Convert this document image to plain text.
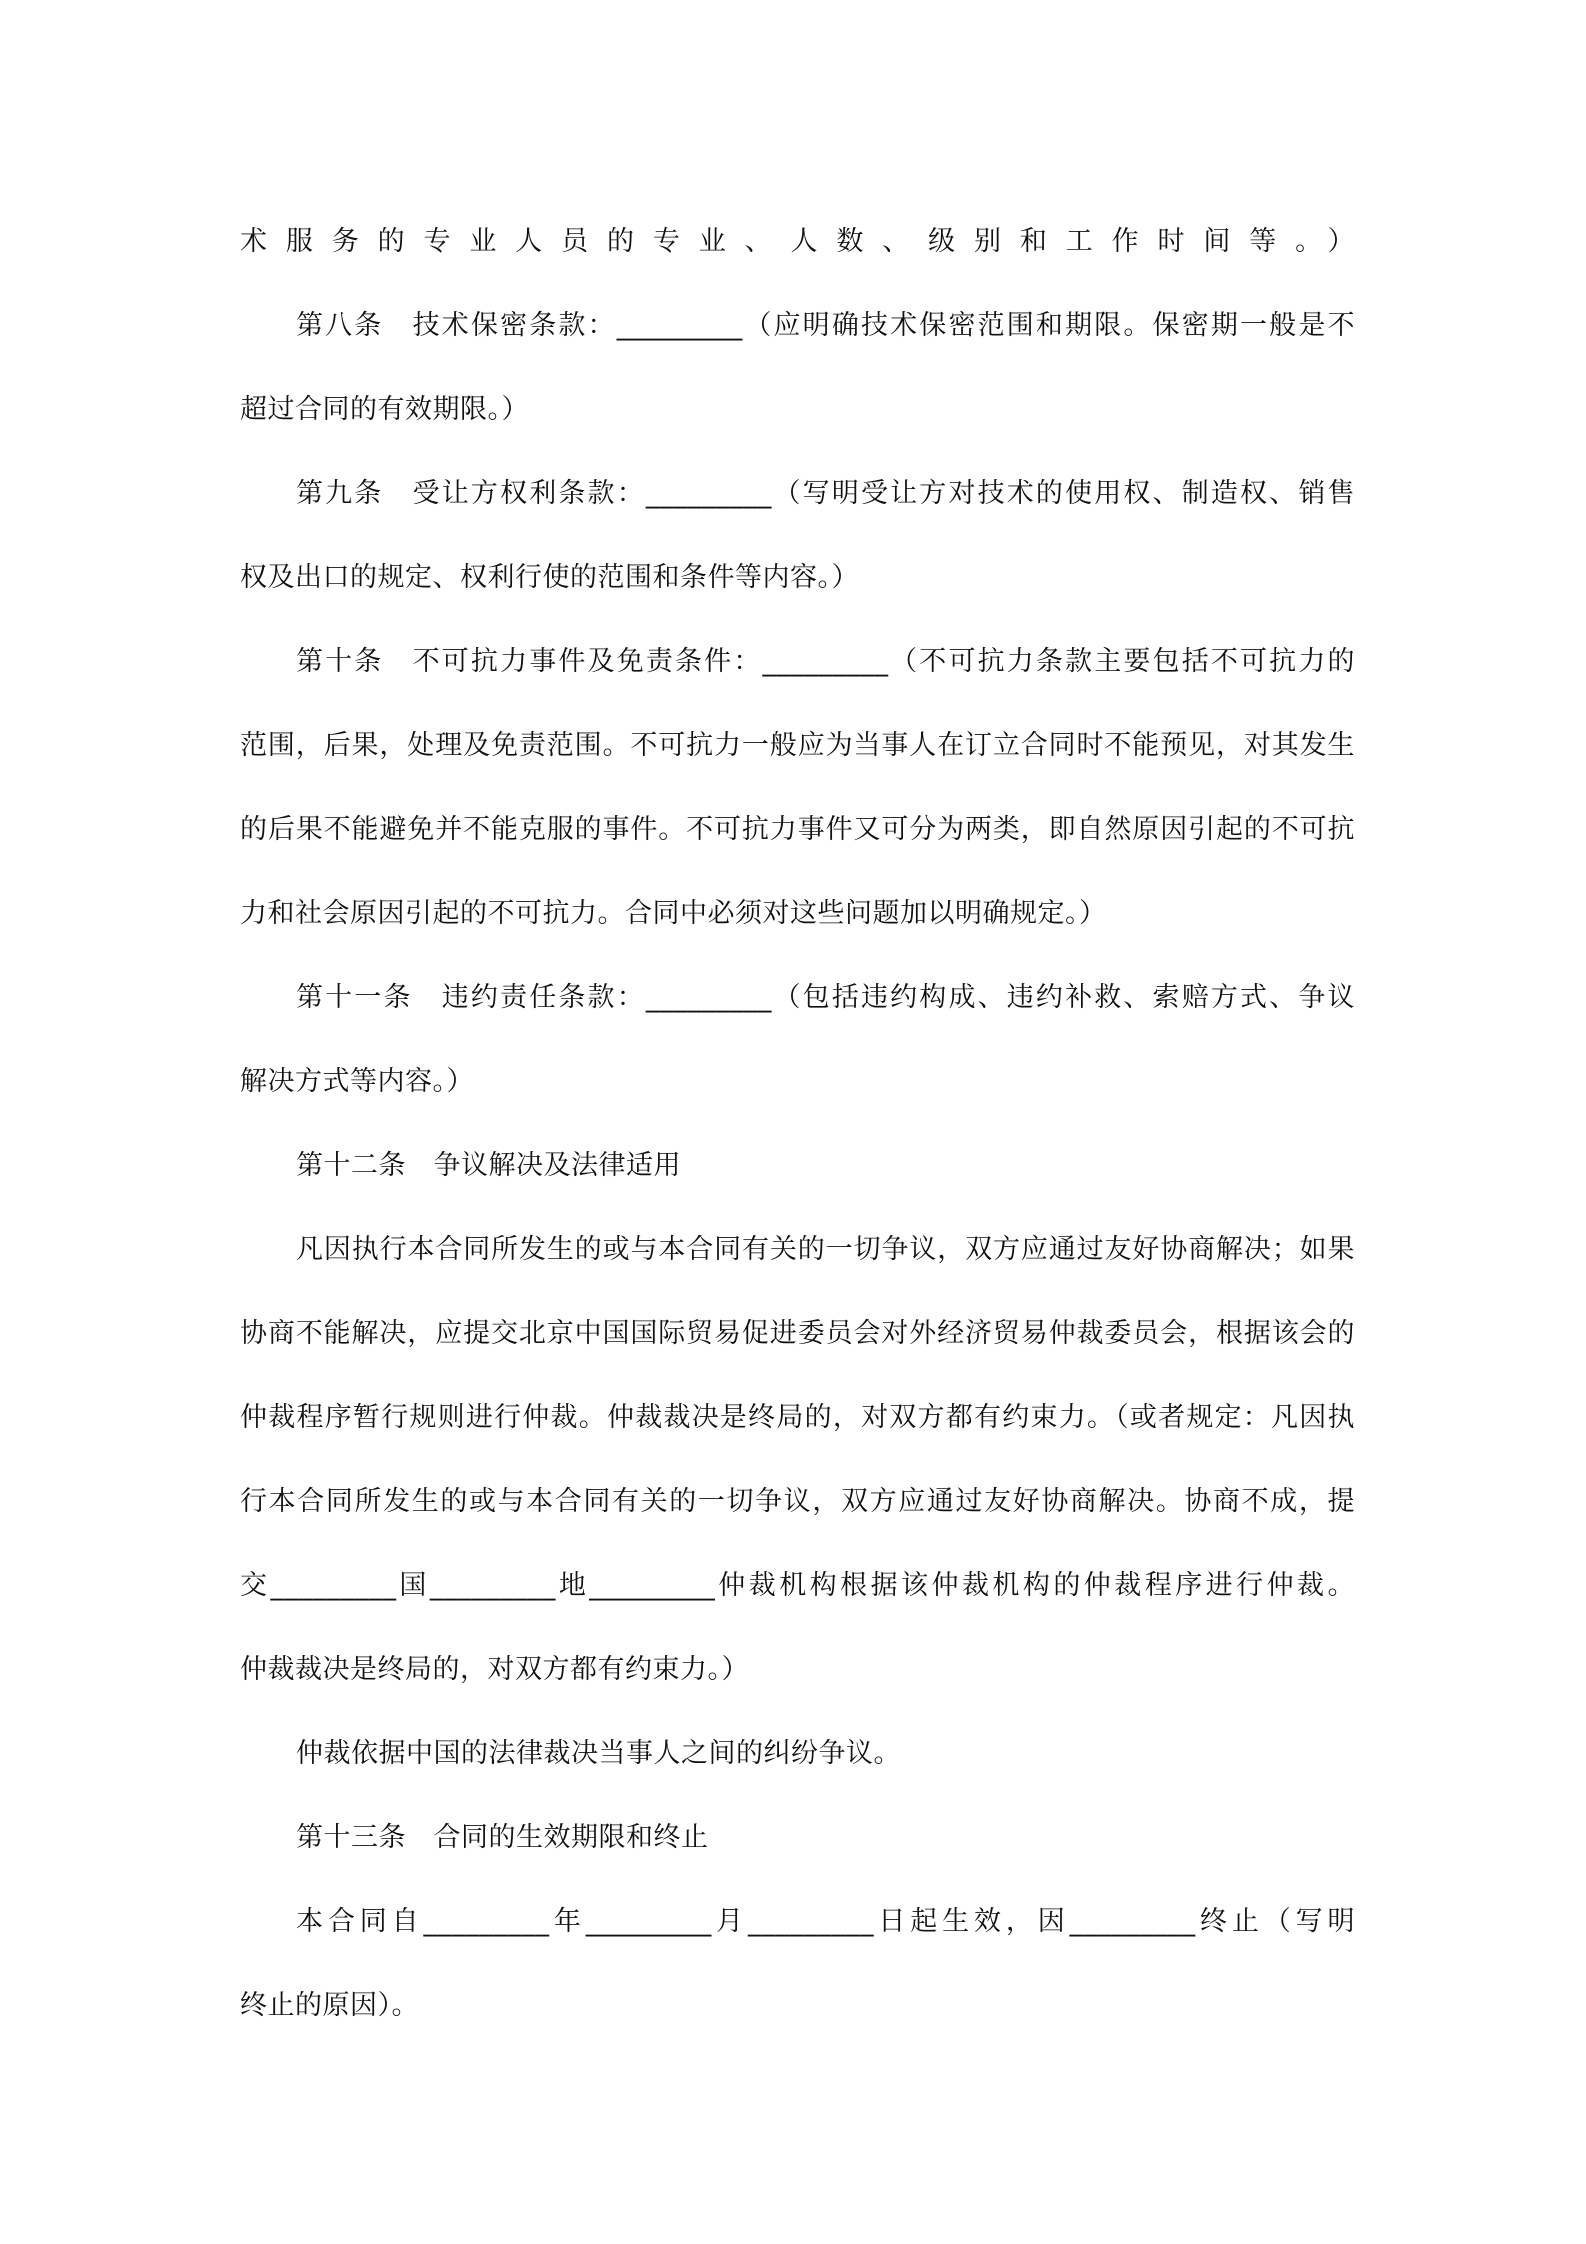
术服务的专业人员的专业、人数、级别和工作时间等。）
第八条　技术保密条款：_________（应明确技术保密范围和期限。保密期一般是不
超过合同的有效期限。）
第九条　受让方权利条款：_________（写明受让方对技术的使用权、制造权、销售
权及出口的规定、权利行使的范围和条件等内容。）
第十条　不可抗力事件及免责条件：_________（不可抗力条款主要包括不可抗力的
范围，后果，处理及免责范围。不可抗力一般应为当事人在订立合同时不能预见，对其发生
的后果不能避免并不能克服的事件。不可抗力事件又可分为两类，即自然原因引起的不可抗
力和社会原因引起的不可抗力。合同中必须对这些问题加以明确规定。）
第十一条　违约责任条款：_________（包括违约构成、违约补救、索赔方式、争议
解决方式等内容。）
第十二条　争议解决及法律适用
凡因执行本合同所发生的或与本合同有关的一切争议，双方应通过友好协商解决；如果
协商不能解决，应提交北京中国国际贸易促进委员会对外经济贸易仲裁委员会，根据该会的
仲裁程序暂行规则进行仲裁。仲裁裁决是终局的，对双方都有约束力。（或者规定：凡因执
行本合同所发生的或与本合同有关的一切争议，双方应通过友好协商解决。协商不成，提
交_________国_________地_________仲裁机构根据该仲裁机构的仲裁程序进行仲裁。
仲裁裁决是终局的，对双方都有约束力。）
仲裁依据中国的法律裁决当事人之间的纠纷争议。
第十三条　合同的生效期限和终止
本合同自_________年_________月_________日起生效，因_________终止（写明
终止的原因）。
